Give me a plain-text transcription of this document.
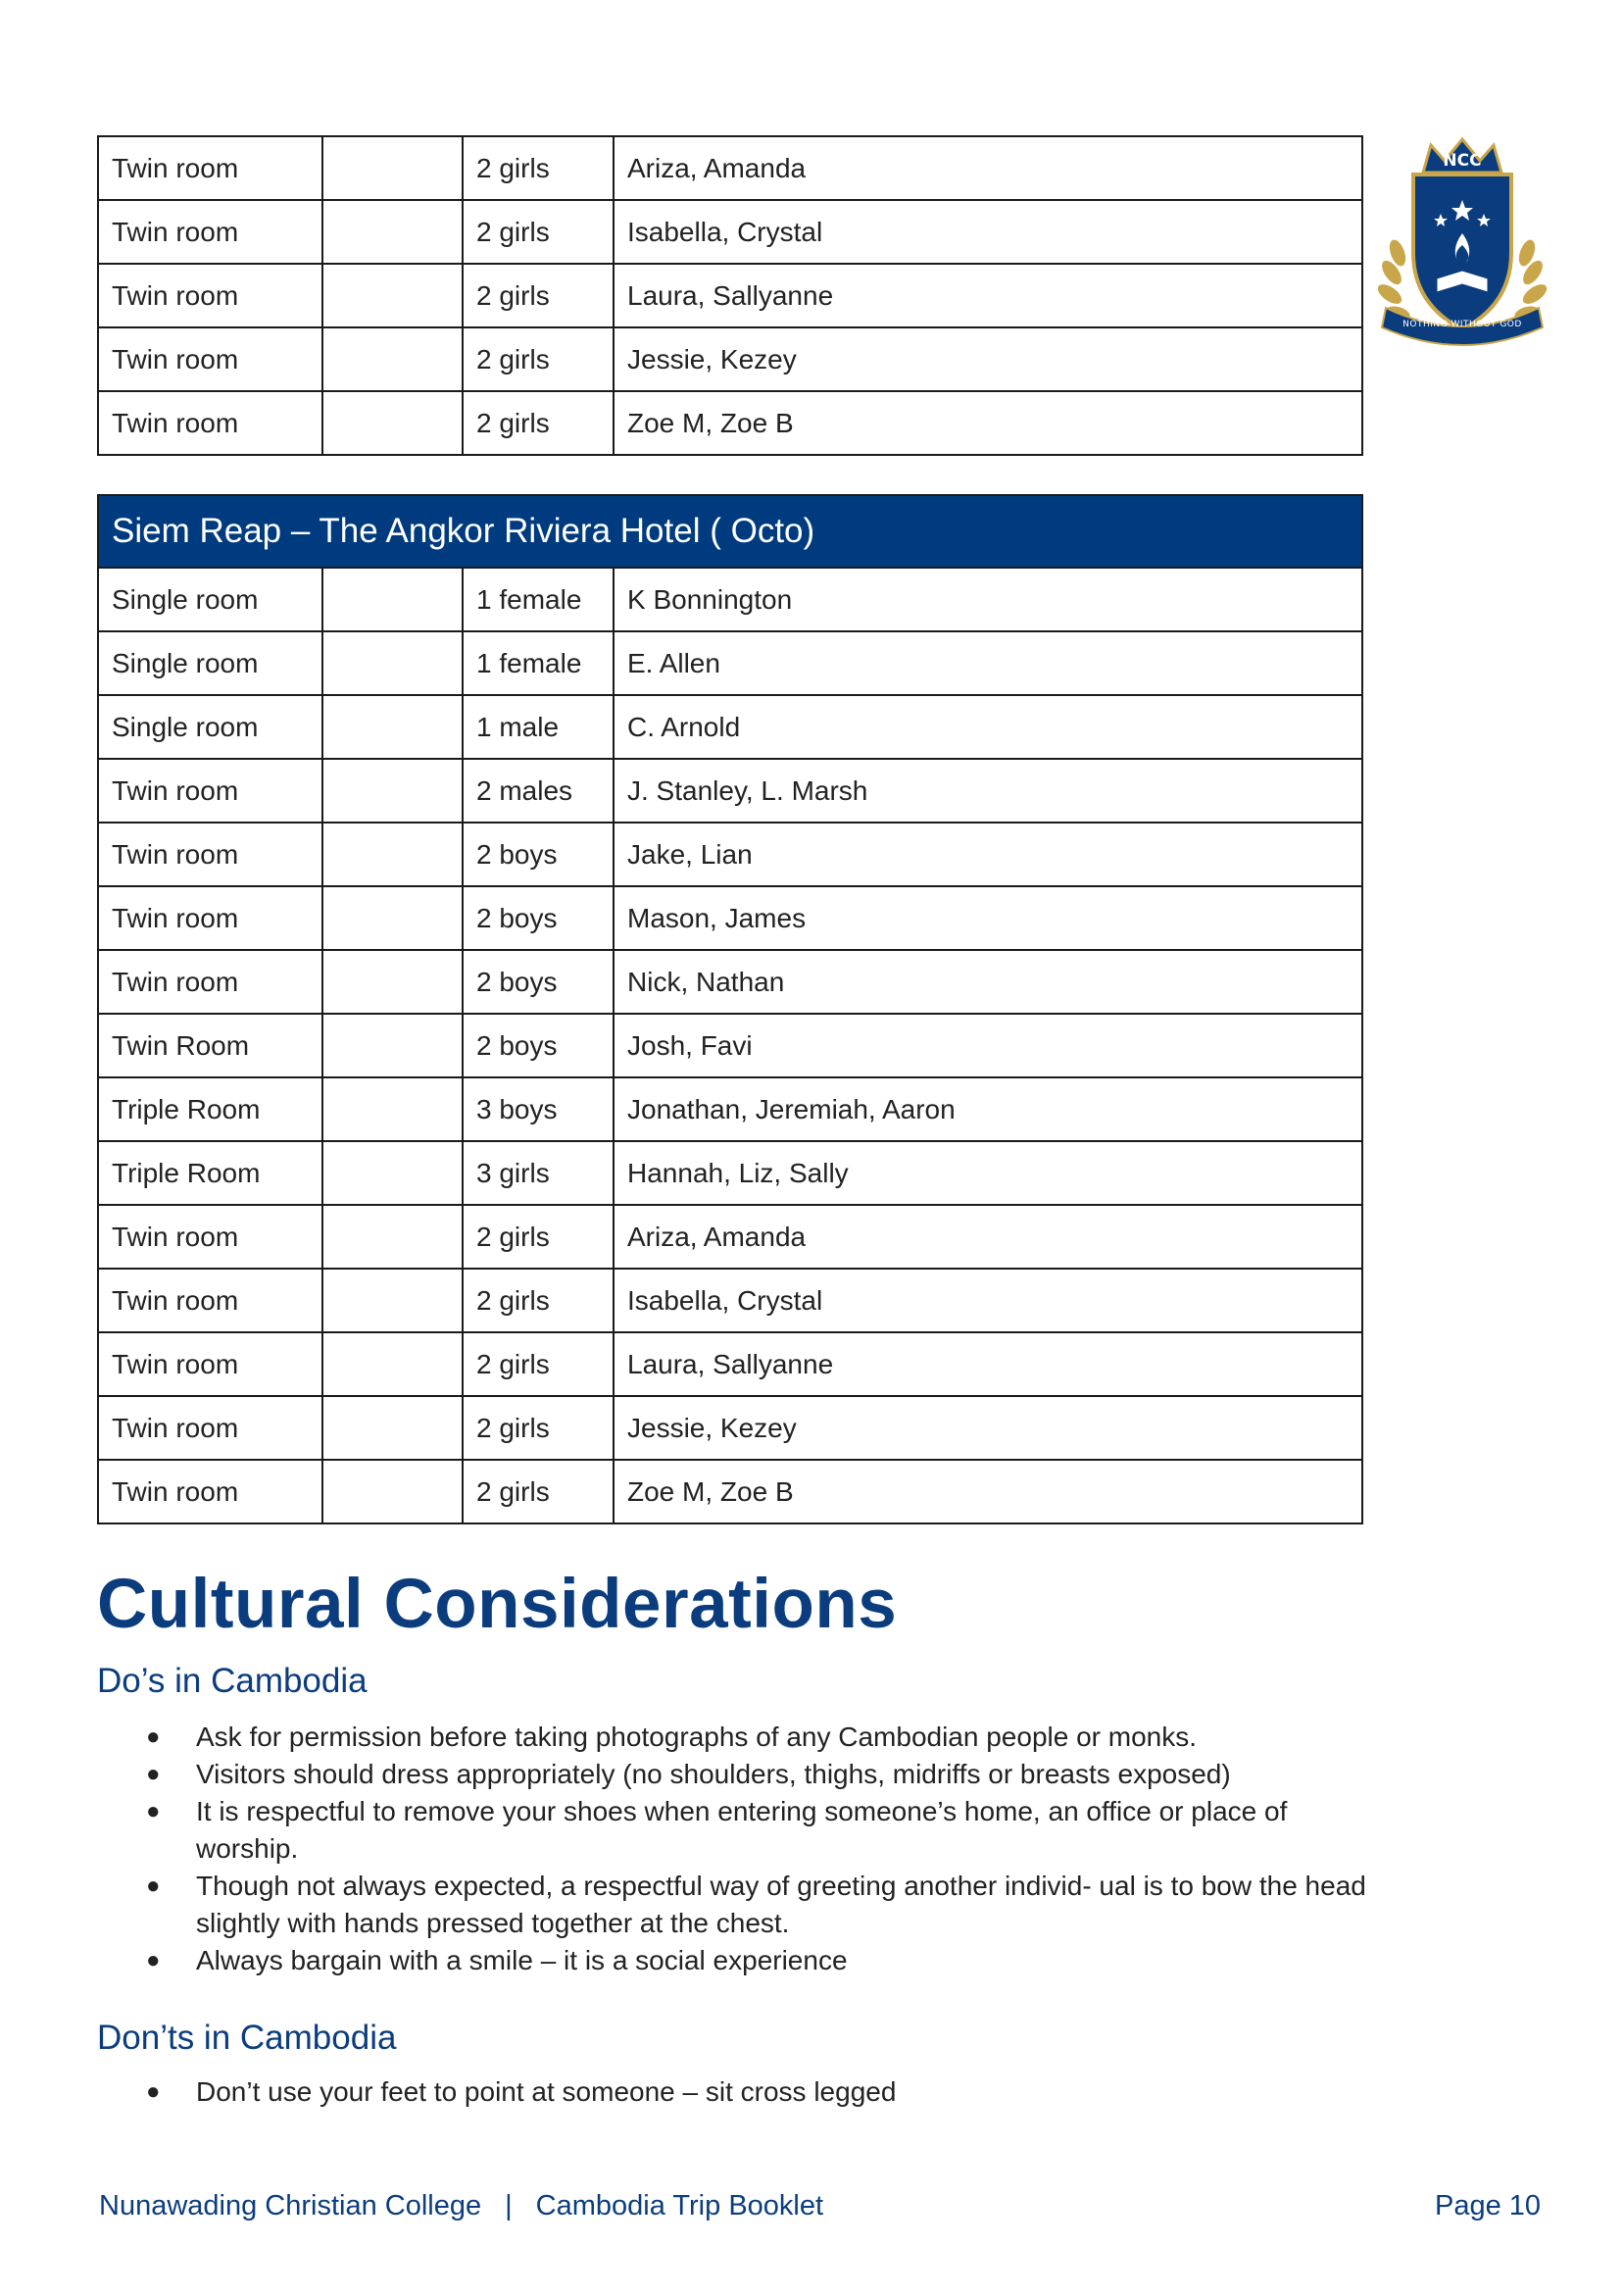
NCC
NOTHING WITHOUT GOD
Twin room		2 girls	Ariza, Amanda
Twin room		2 girls	Isabella, Crystal
Twin room		2 girls	Laura, Sallyanne
Twin room		2 girls	Jessie, Kezey
Twin room		2 girls	Zoe M, Zoe B
Siem Reap – The Angkor Riviera Hotel ( Octo)			
Single room		1 female	K Bonnington
Single room		1 female	E. Allen
Single room		1 male	C. Arnold
Twin room		2 males	J. Stanley, L. Marsh
Twin room		2 boys	Jake, Lian
Twin room		2 boys	Mason, James
Twin room		2 boys	Nick, Nathan
Twin Room		2 boys	Josh, Favi
Triple Room		3 boys	Jonathan, Jeremiah, Aaron
Triple Room		3 girls	Hannah, Liz, Sally
Twin room		2 girls	Ariza, Amanda
Twin room		2 girls	Isabella, Crystal
Twin room		2 girls	Laura, Sallyanne
Twin room		2 girls	Jessie, Kezey
Twin room		2 girls	Zoe M, Zoe B
Cultural Considerations
Do’s in Cambodia
● Ask for permission before taking photographs of any Cambodian people or monks.
● Visitors should dress appropriately (no shoulders, thighs, midriffs or breasts exposed)
● It is respectful to remove your shoes when entering someone’s home, an office or place of worship.
● Though not always expected, a respectful way of greeting another individ- ual is to bow the head slightly with hands pressed together at the chest.
● Always bargain with a smile – it is a social experience
Don’ts in Cambodia
● Don’t use your feet to point at someone – sit cross legged
Nunawading Christian College | Cambodia Trip Booklet	Page 10
